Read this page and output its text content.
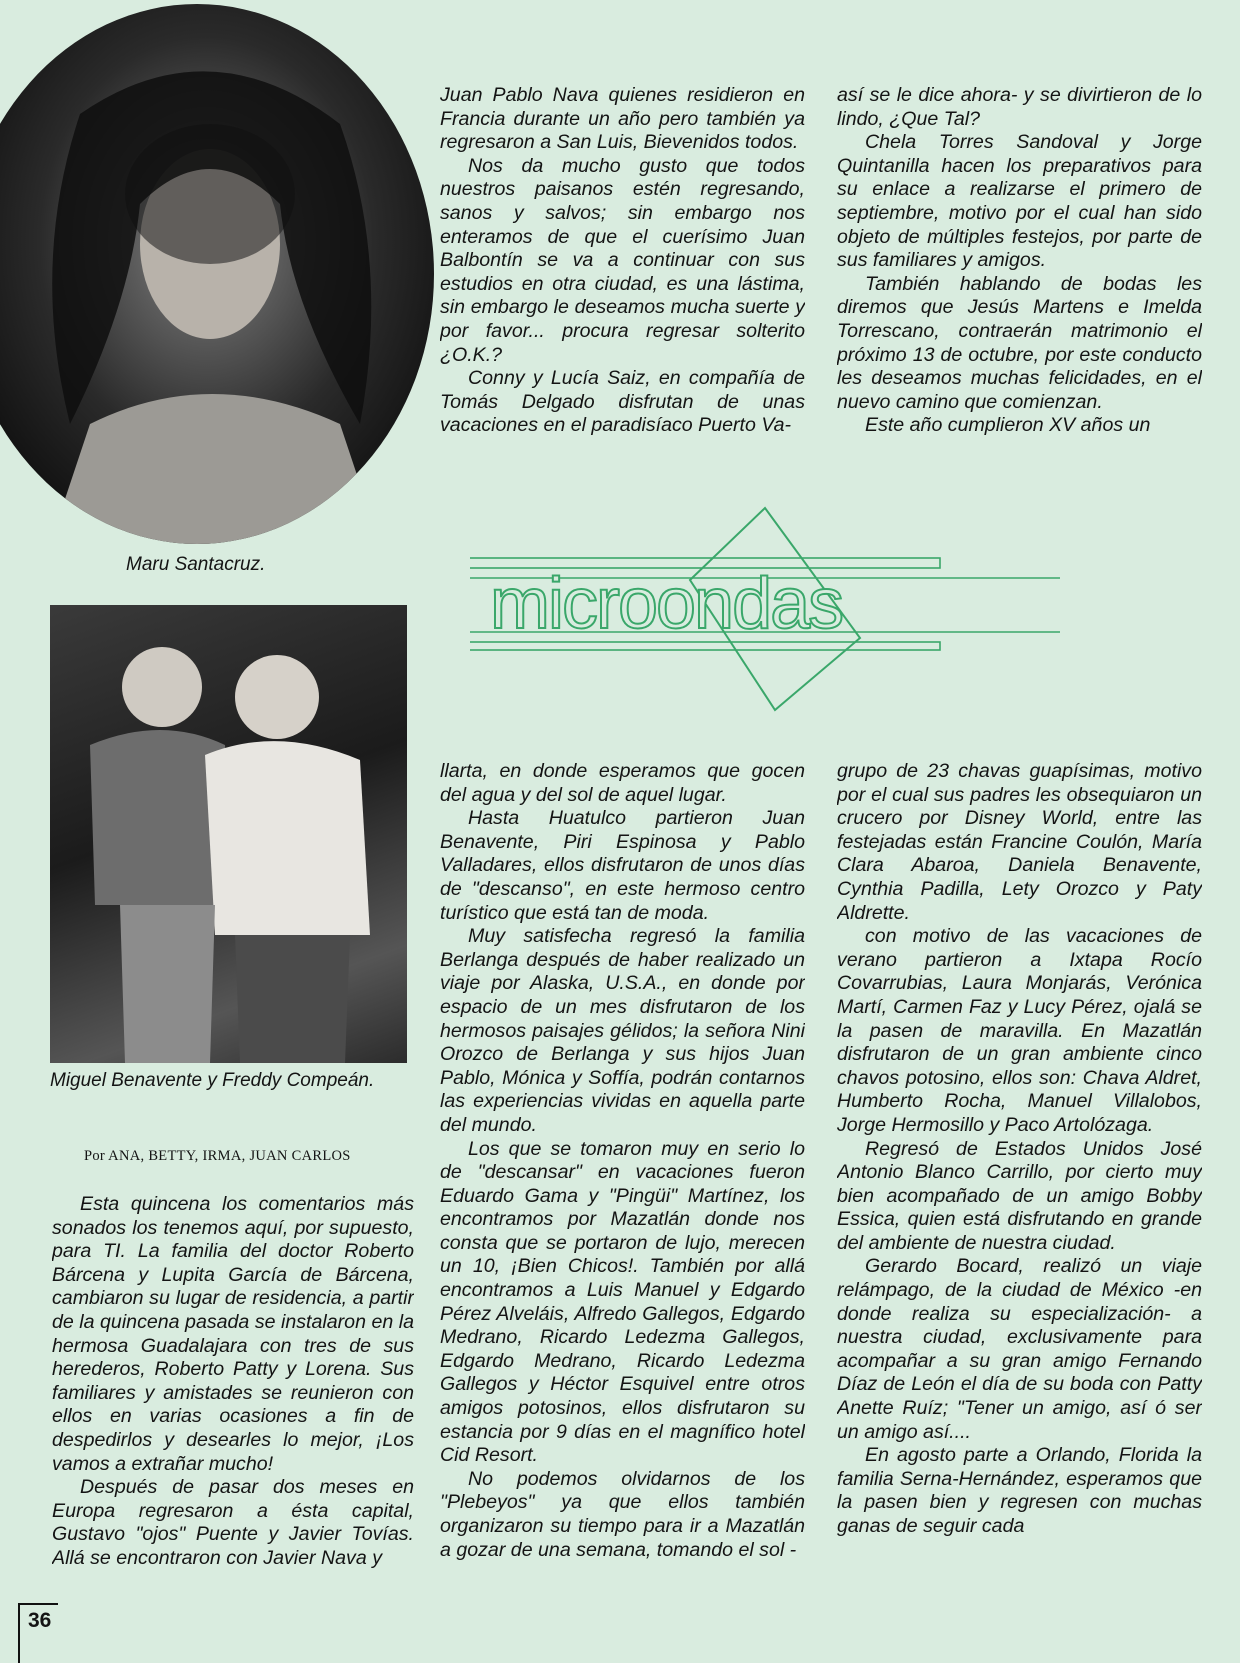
Maru Santacruz.
Miguel Benavente y Freddy Compeán.
microondas

Juan Pablo Nava quienes residieron en Francia durante un año pero también ya regresaron a San Luis, Bievenidos todos.

Nos da mucho gusto que todos nuestros paisanos estén regresando, sanos y salvos; sin embargo nos enteramos de que el cuerísimo Juan Balbontín se va a continuar con sus estudios en otra ciudad, es una lástima, sin embargo le deseamos mucha suerte y por favor... procura regresar solterito ¿O.K.?

Conny y Lucía Saiz, en compañía de Tomás Delgado disfrutan de unas vacaciones en el paradisíaco Puerto Va-

así se le dice ahora- y se divirtieron de lo lindo, ¿Que Tal?

Chela Torres Sandoval y Jorge Quintanilla hacen los preparativos para su enlace a realizarse el primero de septiembre, motivo por el cual han sido objeto de múltiples festejos, por parte de sus familiares y amigos.

También hablando de bodas les diremos que Jesús Martens e Imelda Torrescano, contraerán matrimonio el próximo 13 de octubre, por este conducto les deseamos muchas felicidades, en el nuevo camino que comienzan.

Este año cumplieron XV años un

Por ANA, BETTY, IRMA, JUAN CARLOS

Esta quincena los comentarios más sonados los tenemos aquí, por supuesto, para TI. La familia del doctor Roberto Bárcena y Lupita García de Bárcena, cambiaron su lugar de residencia, a partir de la quincena pasada se instalaron en la hermosa Guadalajara con tres de sus herederos, Roberto Patty y Lorena. Sus familiares y amistades se reunieron con ellos en varias ocasiones a fin de despedirlos y desearles lo mejor, ¡Los vamos a extrañar mucho!

Después de pasar dos meses en Europa regresaron a ésta capital, Gustavo "ojos" Puente y Javier Tovías. Allá se encontraron con Javier Nava y

llarta, en donde esperamos que gocen del agua y del sol de aquel lugar.

Hasta Huatulco partieron Juan Benavente, Piri Espinosa y Pablo Valladares, ellos disfrutaron de unos días de "descanso", en este hermoso centro turístico que está tan de moda.

Muy satisfecha regresó la familia Berlanga después de haber realizado un viaje por Alaska, U.S.A., en donde por espacio de un mes disfrutaron de los hermosos paisajes gélidos; la señora Nini Orozco de Berlanga y sus hijos Juan Pablo, Mónica y Soffía, podrán contarnos las experiencias vividas en aquella parte del mundo.

Los que se tomaron muy en serio lo de "descansar" en vacaciones fueron Eduardo Gama y "Pingüi" Martínez, los encontramos por Mazatlán donde nos consta que se portaron de lujo, merecen un 10, ¡Bien Chicos!. También por allá encontramos a Luis Manuel y Edgardo Pérez Alveláis, Alfredo Gallegos, Edgardo Medrano, Ricardo Ledezma Gallegos, Edgardo Medrano, Ricardo Ledezma Gallegos y Héctor Esquivel entre otros amigos potosinos, ellos disfrutaron su estancia por 9 días en el magnífico hotel Cid Resort.

No podemos olvidarnos de los "Plebeyos" ya que ellos también organizaron su tiempo para ir a Mazatlán a gozar de una semana, tomando el sol -

grupo de 23 chavas guapísimas, motivo por el cual sus padres les obsequiaron un crucero por Disney World, entre las festejadas están Francine Coulón, María Clara Abaroa, Daniela Benavente, Cynthia Padilla, Lety Orozco y Paty Aldrette.

con motivo de las vacaciones de verano partieron a Ixtapa Rocío Covarrubias, Laura Monjarás, Verónica Martí, Carmen Faz y Lucy Pérez, ojalá se la pasen de maravilla. En Mazatlán disfrutaron de un gran ambiente cinco chavos potosino, ellos son: Chava Aldret, Humberto Rocha, Manuel Villalobos, Jorge Hermosillo y Paco Artolózaga.

Regresó de Estados Unidos José Antonio Blanco Carrillo, por cierto muy bien acompañado de un amigo Bobby Essica, quien está disfrutando en grande del ambiente de nuestra ciudad.

Gerardo Bocard, realizó un viaje relámpago, de la ciudad de México -en donde realiza su especialización- a nuestra ciudad, exclusivamente para acompañar a su gran amigo Fernando Díaz de León el día de su boda con Patty Anette Ruíz; "Tener un amigo, así ó ser un amigo así....

En agosto parte a Orlando, Florida la familia Serna-Hernández, esperamos que la pasen bien y regresen con muchas ganas de seguir cada

36
